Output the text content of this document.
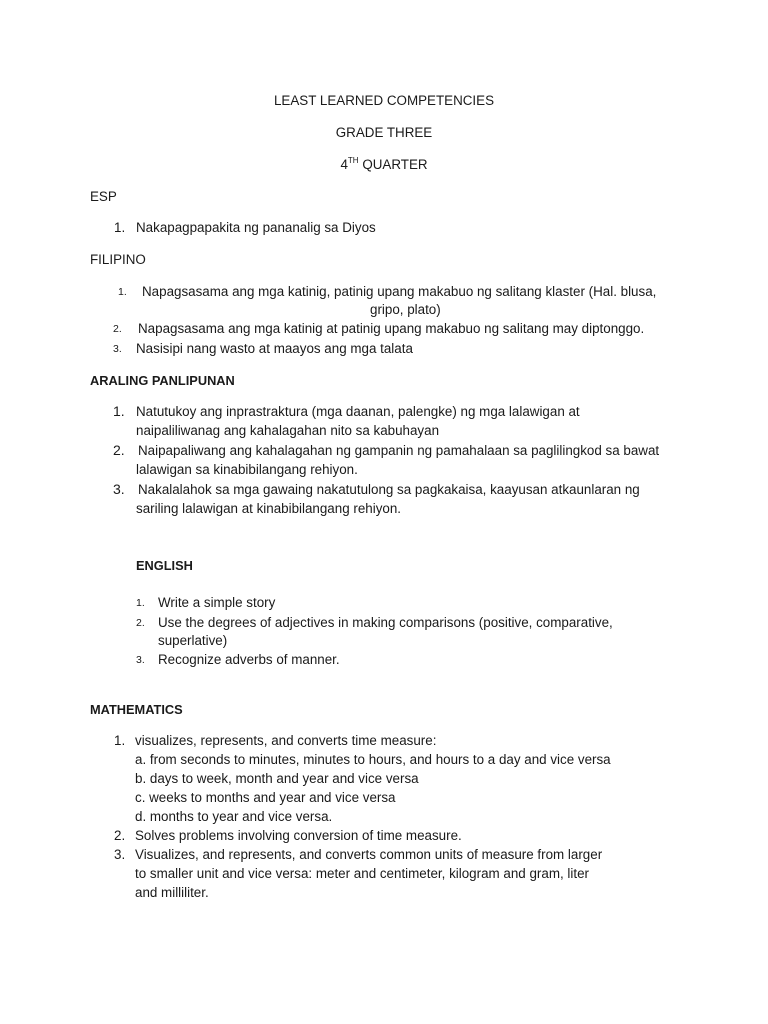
LEAST LEARNED COMPETENCIES
GRADE THREE
4TH QUARTER
ESP
1. Nakapagpapakita ng pananalig sa Diyos
FILIPINO
1. Napagsasama ang mga katinig, patinig upang makabuo ng salitang klaster (Hal. blusa,
gripo, plato)
2. Napagsasama ang mga katinig at patinig upang makabuo ng salitang may diptonggo.
3. Nasisipi nang wasto at maayos ang mga talata
ARALING PANLIPUNAN
1. Natutukoy ang inprastraktura (mga daanan, palengke) ng mga lalawigan at
naipaliliwanag ang kahalagahan nito sa kabuhayan
2. Naipapaliwang ang kahalagahan ng gampanin ng pamahalaan sa paglilingkod sa bawat
lalawigan sa kinabibilangang rehiyon.
3. Nakalalahok sa mga gawaing nakatutulong sa pagkakaisa, kaayusan atkaunlaran ng
sariling lalawigan at kinabibilangang rehiyon.
ENGLISH
1. Write a simple story
2. Use the degrees of adjectives in making comparisons (positive, comparative,
superlative)
3. Recognize adverbs of manner.
MATHEMATICS
1. visualizes, represents, and converts time measure:
a. from seconds to minutes, minutes to hours, and hours to a day and vice versa
b. days to week, month and year and vice versa
c. weeks to months and year and vice versa
d. months to year and vice versa.
2. Solves problems involving conversion of time measure.
3. Visualizes, and represents, and converts common units of measure from larger
to smaller unit and vice versa: meter and centimeter, kilogram and gram, liter
and milliliter.
